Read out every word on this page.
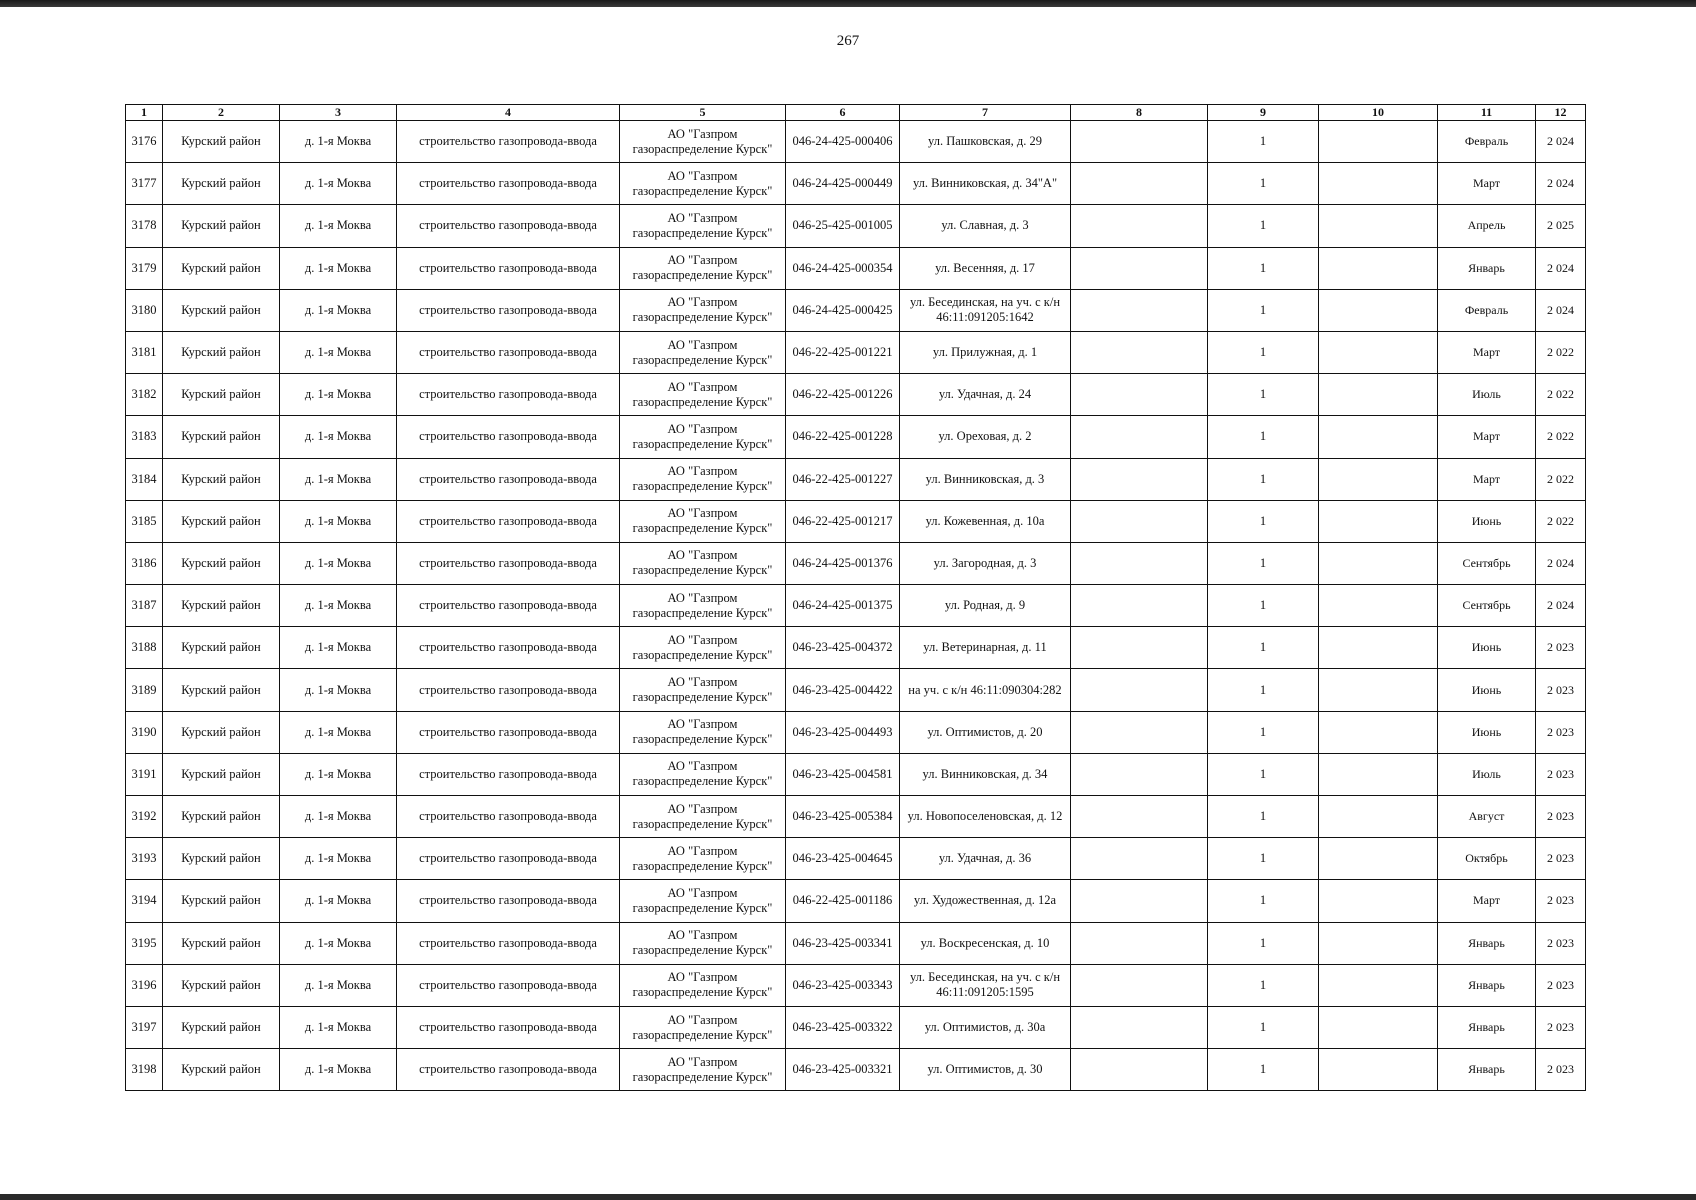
267
1	2	3	4	5	6	7	8	9	10	11	12
3176	Курский район	д. 1-я Моква	строительство газопровода-ввода	АО "Газпром газораспределение Курск"	046-24-425-000406	ул. Пашковская, д. 29		1		Февраль	2 024
3177	Курский район	д. 1-я Моква	строительство газопровода-ввода	АО "Газпром газораспределение Курск"	046-24-425-000449	ул. Винниковская, д. 34"А"		1		Март	2 024
3178	Курский район	д. 1-я Моква	строительство газопровода-ввода	АО "Газпром газораспределение Курск"	046-25-425-001005	ул. Славная, д. 3		1		Апрель	2 025
3179	Курский район	д. 1-я Моква	строительство газопровода-ввода	АО "Газпром газораспределение Курск"	046-24-425-000354	ул. Весенняя, д. 17		1		Январь	2 024
3180	Курский район	д. 1-я Моква	строительство газопровода-ввода	АО "Газпром газораспределение Курск"	046-24-425-000425	ул. Бесединская, на уч. с к/н 46:11:091205:1642		1		Февраль	2 024
3181	Курский район	д. 1-я Моква	строительство газопровода-ввода	АО "Газпром газораспределение Курск"	046-22-425-001221	ул. Прилужная, д. 1		1		Март	2 022
3182	Курский район	д. 1-я Моква	строительство газопровода-ввода	АО "Газпром газораспределение Курск"	046-22-425-001226	ул. Удачная, д. 24		1		Июль	2 022
3183	Курский район	д. 1-я Моква	строительство газопровода-ввода	АО "Газпром газораспределение Курск"	046-22-425-001228	ул. Ореховая, д. 2		1		Март	2 022
3184	Курский район	д. 1-я Моква	строительство газопровода-ввода	АО "Газпром газораспределение Курск"	046-22-425-001227	ул. Винниковская, д. 3		1		Март	2 022
3185	Курский район	д. 1-я Моква	строительство газопровода-ввода	АО "Газпром газораспределение Курск"	046-22-425-001217	ул. Кожевенная, д. 10а		1		Июнь	2 022
3186	Курский район	д. 1-я Моква	строительство газопровода-ввода	АО "Газпром газораспределение Курск"	046-24-425-001376	ул. Загородная, д. 3		1		Сентябрь	2 024
3187	Курский район	д. 1-я Моква	строительство газопровода-ввода	АО "Газпром газораспределение Курск"	046-24-425-001375	ул. Родная, д. 9		1		Сентябрь	2 024
3188	Курский район	д. 1-я Моква	строительство газопровода-ввода	АО "Газпром газораспределение Курск"	046-23-425-004372	ул. Ветеринарная, д. 11		1		Июнь	2 023
3189	Курский район	д. 1-я Моква	строительство газопровода-ввода	АО "Газпром газораспределение Курск"	046-23-425-004422	на уч. с к/н 46:11:090304:282		1		Июнь	2 023
3190	Курский район	д. 1-я Моква	строительство газопровода-ввода	АО "Газпром газораспределение Курск"	046-23-425-004493	ул. Оптимистов, д. 20		1		Июнь	2 023
3191	Курский район	д. 1-я Моква	строительство газопровода-ввода	АО "Газпром газораспределение Курск"	046-23-425-004581	ул. Винниковская, д. 34		1		Июль	2 023
3192	Курский район	д. 1-я Моква	строительство газопровода-ввода	АО "Газпром газораспределение Курск"	046-23-425-005384	ул. Новопоселеновская, д. 12		1		Август	2 023
3193	Курский район	д. 1-я Моква	строительство газопровода-ввода	АО "Газпром газораспределение Курск"	046-23-425-004645	ул. Удачная, д. 36		1		Октябрь	2 023
3194	Курский район	д. 1-я Моква	строительство газопровода-ввода	АО "Газпром газораспределение Курск"	046-22-425-001186	ул. Художественная, д. 12а		1		Март	2 023
3195	Курский район	д. 1-я Моква	строительство газопровода-ввода	АО "Газпром газораспределение Курск"	046-23-425-003341	ул. Воскресенская, д. 10		1		Январь	2 023
3196	Курский район	д. 1-я Моква	строительство газопровода-ввода	АО "Газпром газораспределение Курск"	046-23-425-003343	ул. Бесединская, на уч. с к/н 46:11:091205:1595		1		Январь	2 023
3197	Курский район	д. 1-я Моква	строительство газопровода-ввода	АО "Газпром газораспределение Курск"	046-23-425-003322	ул. Оптимистов, д. 30а		1		Январь	2 023
3198	Курский район	д. 1-я Моква	строительство газопровода-ввода	АО "Газпром газораспределение Курск"	046-23-425-003321	ул. Оптимистов, д. 30		1		Январь	2 023
